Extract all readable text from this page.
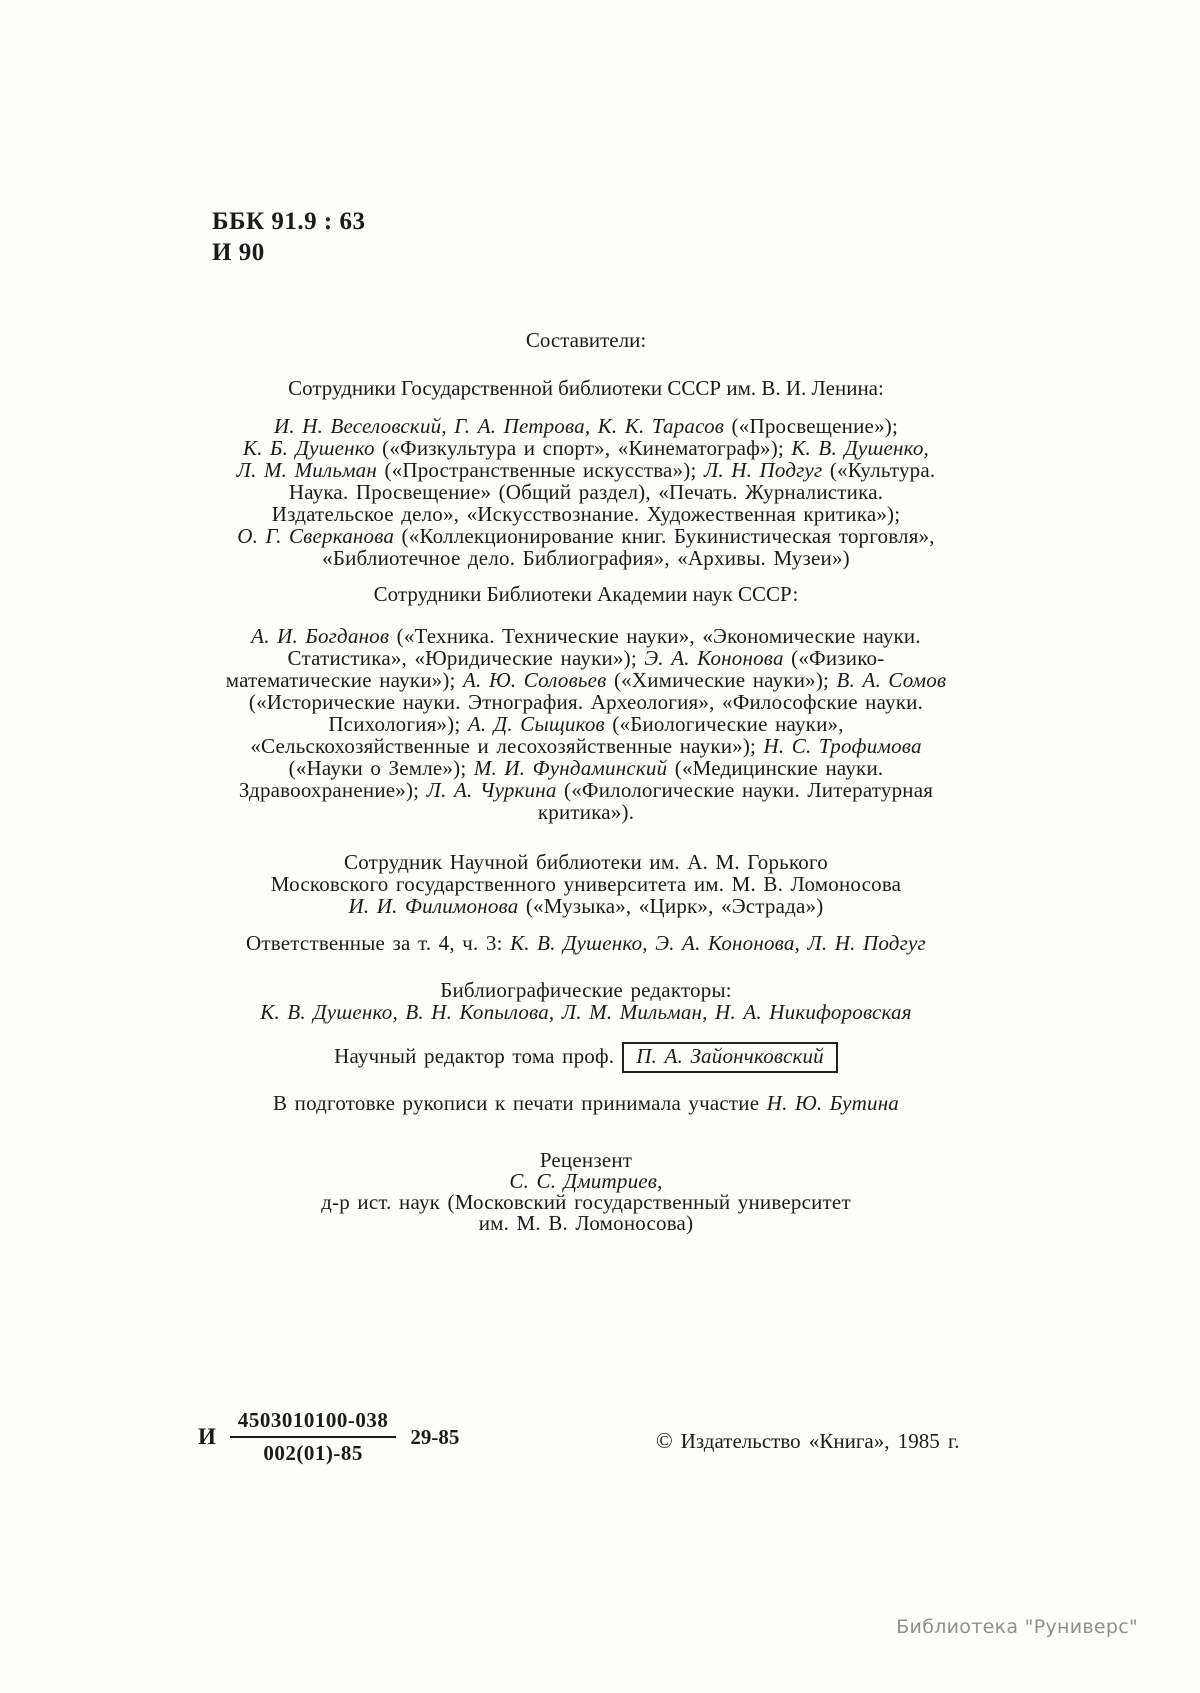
ББК 91.9 : 63
И 90
Составители:
Сотрудники Государственной библиотеки СССР им. В. И. Ленина:
И. Н. Веселовский, Г. А. Петрова, К. К. Тарасов («Просвещение»);
К. Б. Душенко («Физкультура и спорт», «Кинематограф»); К. В. Душенко,
Л. М. Мильман («Пространственные искусства»); Л. Н. Подгуг («Культура.
Наука. Просвещение» (Общий раздел), «Печать. Журналистика.
Издательское дело», «Искусствознание. Художественная критика»);
О. Г. Сверканова («Коллекционирование книг. Букинистическая торговля»,
«Библиотечное дело. Библиография», «Архивы. Музеи»)
Сотрудники Библиотеки Академии наук СССР:
А. И. Богданов («Техника. Технические науки», «Экономические науки.
Статистика», «Юридические науки»); Э. А. Кононова («Физико-
математические науки»); А. Ю. Соловьев («Химические науки»); В. А. Сомов
(«Исторические науки. Этнография. Археология», «Философские науки.
Психология»); А. Д. Сыщиков («Биологические науки»,
«Сельскохозяйственные и лесохозяйственные науки»); Н. С. Трофимова
(«Науки о Земле»); М. И. Фундаминский («Медицинские науки.
Здравоохранение»); Л. А. Чуркина («Филологические науки. Литературная
критика»).
Сотрудник Научной библиотеки им. А. М. Горького
Московского государственного университета им. М. В. Ломоносова
И. И. Филимонова («Музыка», «Цирк», «Эстрада»)
Ответственные за т. 4, ч. 3: К. В. Душенко, Э. А. Кононова, Л. Н. Подгуг
Библиографические редакторы:
К. В. Душенко, В. Н. Копылова, Л. М. Мильман, Н. А. Никифоровская
Научный редактор тома проф. П. А. Зайончковский
В подготовке рукописи к печати принимала участие Н. Ю. Бутина
Рецензент
С. С. Дмитриев,
д-р ист. наук (Московский государственный университет
им. М. В. Ломоносова)
И $\frac{4503010100-038}{002(01)-85} 29-85$	© Издательство «Книга», 1985 г.
Библиотека "Руниверс"
